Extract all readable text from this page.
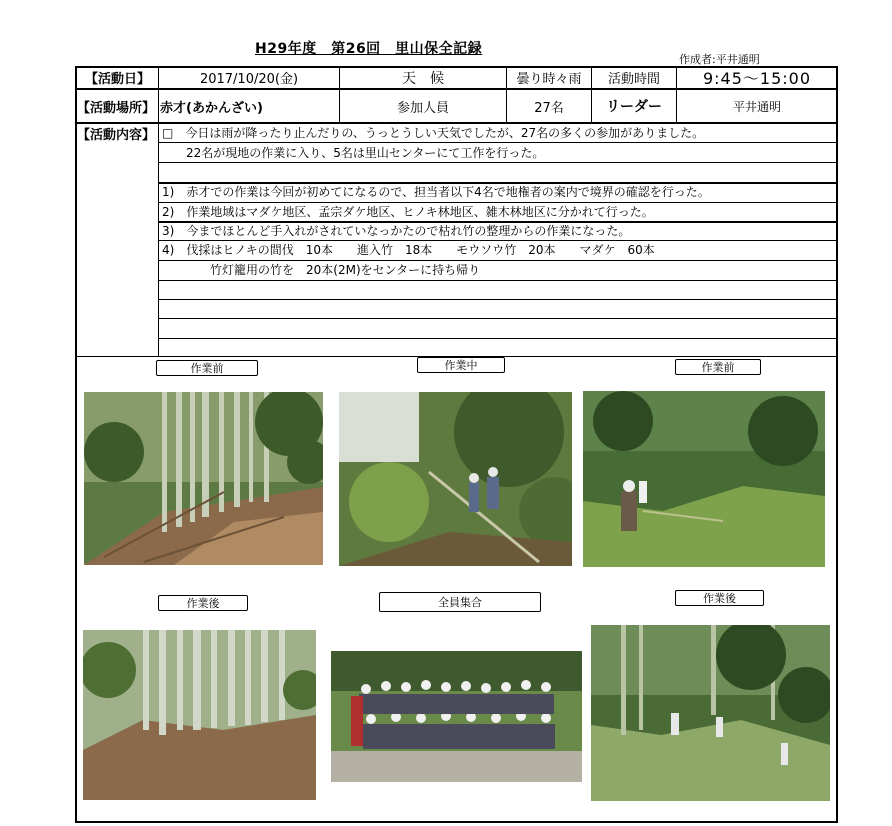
H29年度　第26回　里山保全記録
作成者:平井通明
【活動日】	2017/10/20(金)	天　候	曇り時々雨	活動時間	9:45～15:00
【活動場所】 赤才(あかんざい)	参加人員	27名	リーダー	平井通明
【活動内容】 □　今日は雨が降ったり止んだりの、うっとうしい天気でしたが、27名の多くの参加がありました。
　　22名が現地の作業に入り、5名は里山センターにて工作を行った。
1)　赤才での作業は今回が初めてになるので、担当者以下4名で地権者の案内で境界の確認を行った。
2)　作業地域はマダケ地区、孟宗ダケ地区、ヒノキ林地区、雑木林地区に分かれて行った。
3)　今までほとんど手入れがされていなっかたので枯れ竹の整理からの作業になった。
4)　伐採はヒノキの間伐　10本　　進入竹　18本　　モウソウ竹　20本　　マダケ　60本
　　　　竹灯籠用の竹を　20本(2M)をセンターに持ち帰り
作業前	作業中	作業前
作業後	全員集合	作業後
